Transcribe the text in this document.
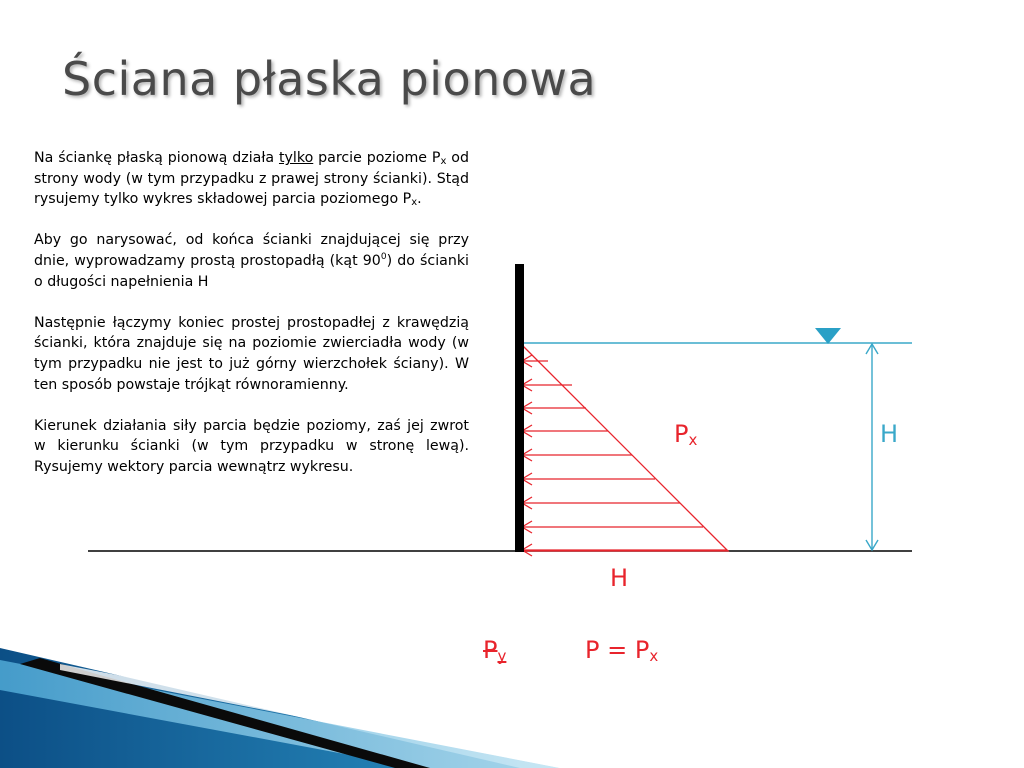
Ściana płaska pionowa

Na ściankę płaską pionową działa tylko parcie poziome $P_x$ od strony wody (w tym przypadku z prawej strony ścianki). Stąd rysujemy tylko wykres składowej parcia poziomego $P_x$.

Aby go narysować, od końca ścianki znajdującej się przy dnie, wyprowadzamy prostą prostopadłą (kąt $90^0$) do ścianki o długości napełnienia H

Następnie łączymy koniec prostej prostopadłej z krawędzią ścianki, która znajduje się na poziomie zwierciadła wody (w tym przypadku nie jest to już górny wierzchołek ściany). W ten sposób powstaje trójkąt równoramienny.

Kierunek działania siły parcia będzie poziomy, zaś jej zwrot w kierunku ścianki (w tym przypadku w stronę lewą). Rysujemy wektory parcia wewnątrz wykresu.

$P_x$	H
H
$P_y$	$P = P_x$
